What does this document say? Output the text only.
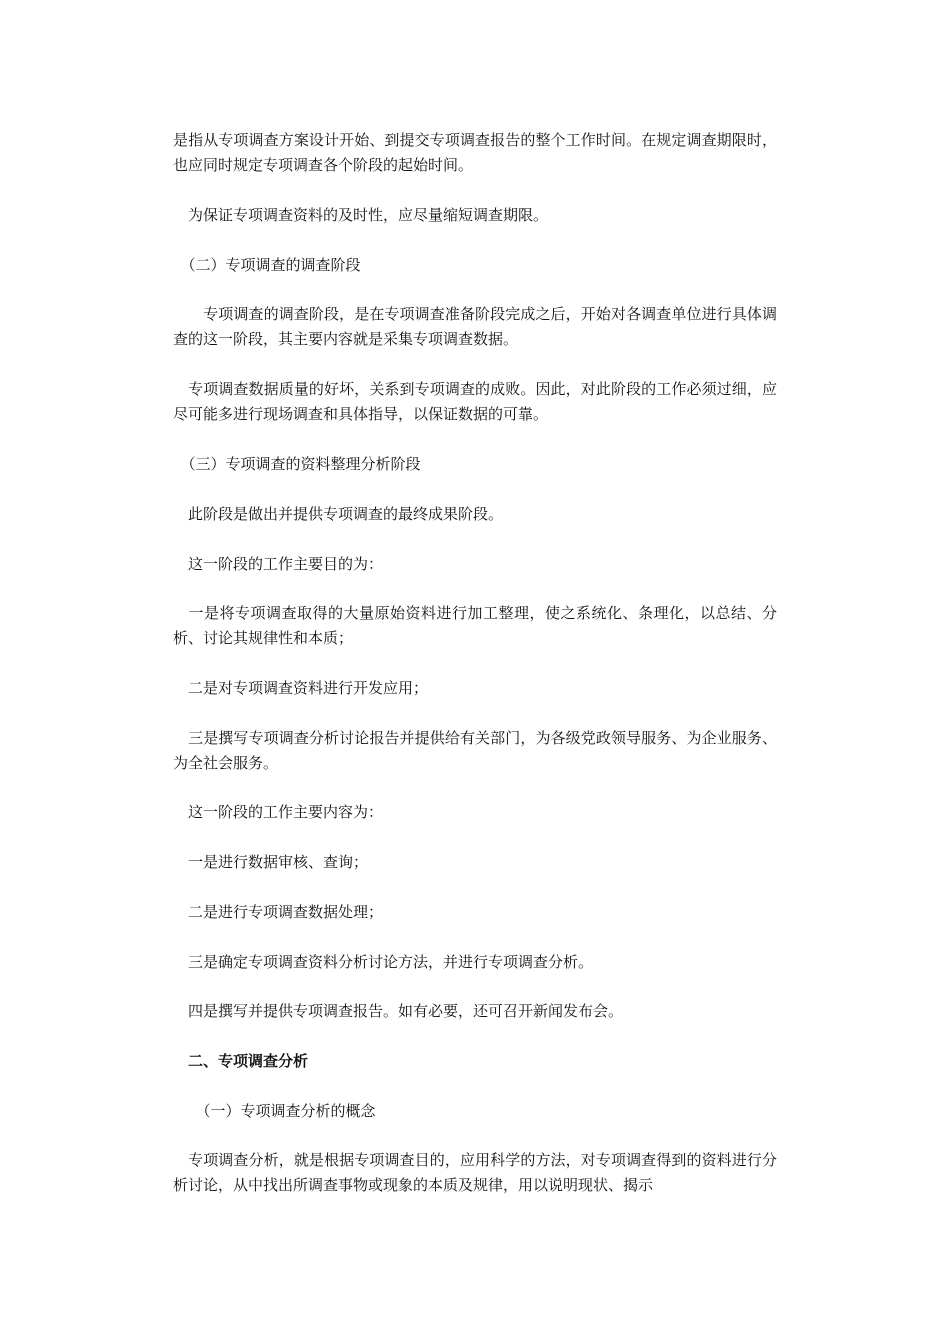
是指从专项调查方案设计开始、到提交专项调查报告的整个工作时间。在规定调查期限时，也应同时规定专项调查各个阶段的起始时间。

　为保证专项调查资料的及时性，应尽量缩短调查期限。

　（二）专项调查的调查阶段

　　专项调查的调查阶段，是在专项调查准备阶段完成之后，开始对各调查单位进行具体调查的这一阶段，其主要内容就是采集专项调查数据。

　专项调查数据质量的好坏，关系到专项调查的成败。因此，对此阶段的工作必须过细，应尽可能多进行现场调查和具体指导，以保证数据的可靠。

　（三）专项调查的资料整理分析阶段

　此阶段是做出并提供专项调查的最终成果阶段。

　这一阶段的工作主要目的为：

　一是将专项调查取得的大量原始资料进行加工整理，使之系统化、条理化，以总结、分析、讨论其规律性和本质；

　二是对专项调查资料进行开发应用；

　三是撰写专项调查分析讨论报告并提供给有关部门，为各级党政领导服务、为企业服务、为全社会服务。

　这一阶段的工作主要内容为：

　一是进行数据审核、查询；

　二是进行专项调查数据处理；

　三是确定专项调查资料分析讨论方法，并进行专项调查分析。

　四是撰写并提供专项调查报告。如有必要，还可召开新闻发布会。

　二、专项调查分析

　　（一）专项调查分析的概念

　专项调查分析，就是根据专项调查目的，应用科学的方法，对专项调查得到的资料进行分析讨论，从中找出所调查事物或现象的本质及规律，用以说明现状、揭示
